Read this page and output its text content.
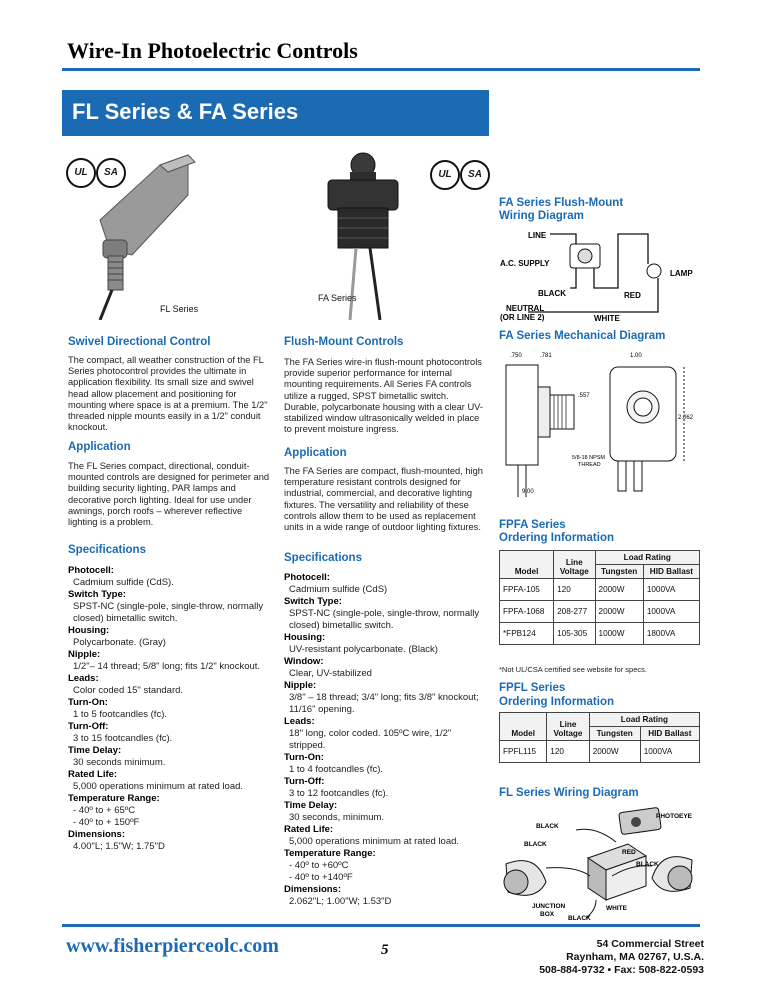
Wire-In Photoelectric Controls
FL Series & FA Series
FL Series
UL	SA
FA Series
UL	SA
Swivel Directional Control
The compact, all weather construction of the FL Series photocontrol provides the ultimate in application flexibility. Its small size and swivel head allow placement and positioning for mounting where space is at a premium. The 1/2" threaded nipple mounts easily in a 1/2" conduit knockout.
Application
The FL Series compact, directional, conduit-mounted controls are designed for perimeter and building security lighting, PAR lamps and decorative porch lighting. Ideal for use under awnings, porch roofs – wherever reflective lighting is a problem.
Specifications
Photocell:
Cadmium sulfide (CdS).
Switch Type:
SPST-NC (single-pole, single-throw, normally closed) bimetallic switch.
Housing:
Polycarbonate. (Gray)
Nipple:
1/2"– 14 thread; 5/8" long; fits 1/2" knockout.
Leads:
Color coded 15" standard.
Turn-On:
1 to 5 footcandles (fc).
Turn-Off:
3 to 15 footcandles (fc).
Time Delay:
30 seconds minimum.
Rated Life:
5,000 operations minimum at rated load.
Temperature Range:
- 40º to + 65ºC
- 40º to + 150ºF
Dimensions:
4.00"L; 1.5"W; 1.75"D
Flush-Mount Controls
The FA Series wire-in flush-mount photocontrols provide superior performance for internal mounting requirements. All Series FA controls utilize a rugged, SPST bimetallic switch. Durable, polycarbonate housing with a clear UV-stabilized window ultrasonically welded in place to prevent moisture ingress.
Application
The FA Series are compact, flush-mounted, high temperature resistant controls designed for industrial, commercial, and decorative lighting fixtures. The versatility and reliability of these controls allow them to be used as replacement units in a wide range of outdoor lighting fixtures.
Specifications
Photocell:
Cadmium sulfide (CdS)
Switch Type:
SPST-NC (single-pole, single-throw, normally closed) bimetallic switch.
Housing:
UV-resistant polycarbonate. (Black)
Window:
Clear, UV-stabilized
Nipple:
3/8" – 18 thread; 3/4" long; fits 3/8" knockout; 11/16" opening.
Leads:
18" long, color coded. 105ºC wire, 1/2" stripped.
Turn-On:
1 to 4 footcandles (fc).
Turn-Off:
3 to 12 footcandles (fc).
Time Delay:
30 seconds, minimum.
Rated Life:
5,000 operations minimum at rated load.
Temperature Range:
- 40º to +60ºC
- 40º to +140ºF
Dimensions:
2.062"L; 1.00"W; 1.53"D
FA Series Flush-Mount
Wiring Diagram
LINE
A.C. SUPPLY
BLACK	RED
LAMP
NEUTRAL (OR LINE 2)	WHITE
FA Series Mechanical Diagram
.750	.781
.557
5/8-18 NPSM THREAD
9.00
1.00
2.062
FPFA Series
Ordering Information
Model	Line
Voltage	Load Rating	
		Tungsten	HID Ballast
FPFA-105	120	2000W	1000VA
FPFA-1068	208-277	2000W	1000VA
*FPB124	105-305	1000W	1800VA
*Not UL/CSA certified see website for specs.
FPFL Series
Ordering Information
Model	Line
Voltage	Load Rating	
		Tungsten	HID Ballast
FPFL115	120	2000W	1000VA
FL Series Wiring Diagram
PHOTOEYE
BLACK
BLACK
RED
BLACK
JUNCTION BOX
BLACK
WHITE
www.fisherpierceolc.com	5	54 Commercial Street
Raynham, MA 02767, U.S.A.
508-884-9732 • Fax: 508-822-0593
